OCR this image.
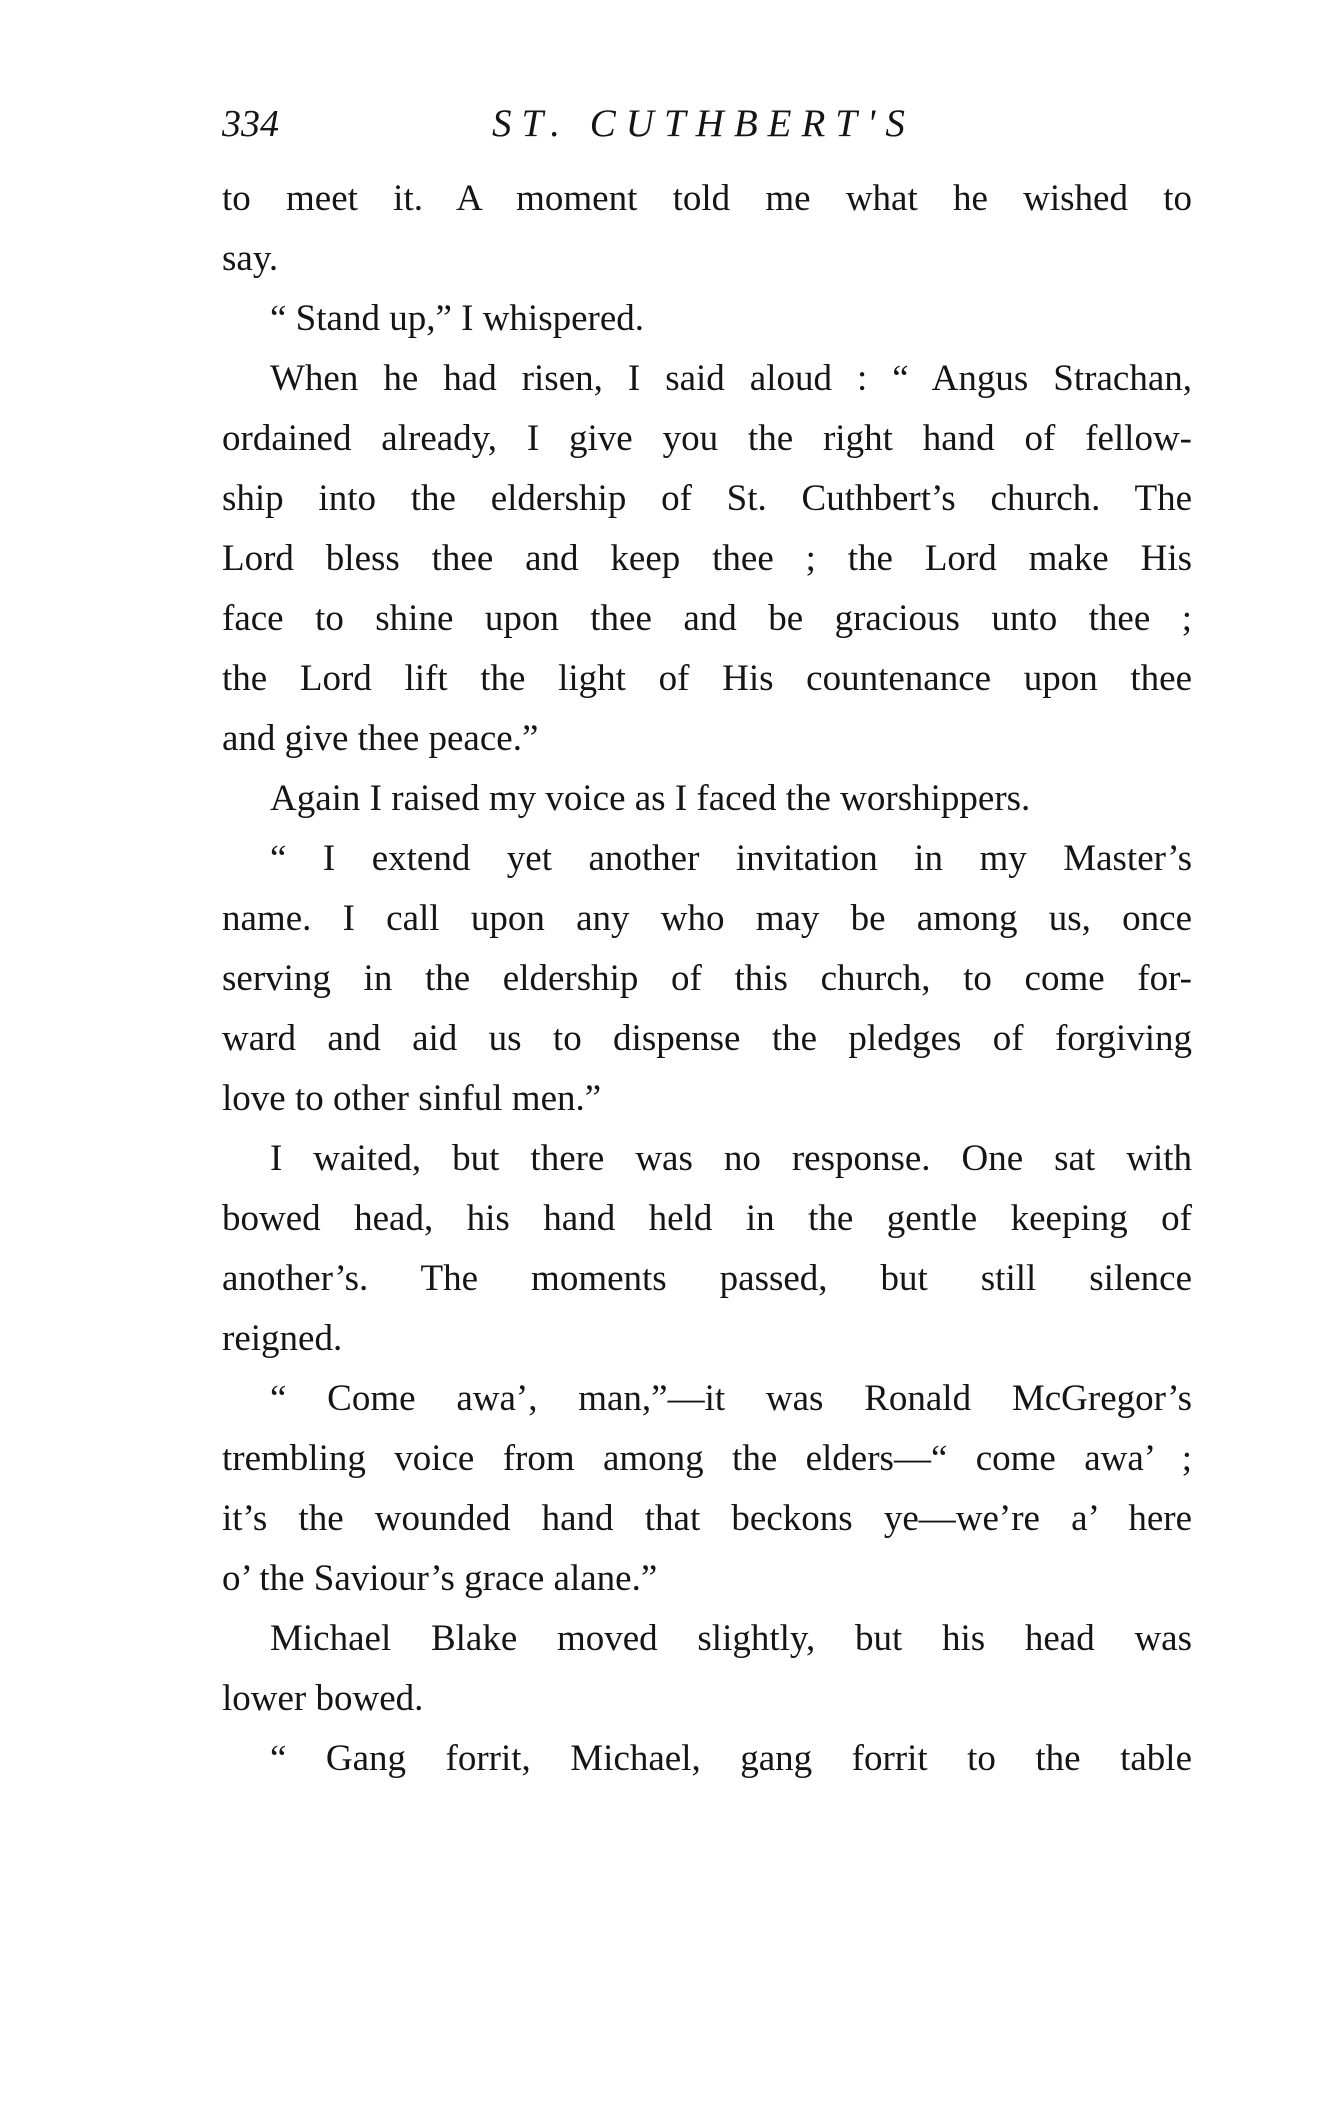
334	ST. CUTHBERT'S
to meet it. A moment told me what he wished to
say.
“ Stand up,” I whispered.
When he had risen, I said aloud : “ Angus Strachan,
ordained already, I give you the right hand of fellow-
ship into the eldership of St. Cuthbert’s church. The
Lord bless thee and keep thee ; the Lord make His
face to shine upon thee and be gracious unto thee ;
the Lord lift the light of His countenance upon thee
and give thee peace.”
Again I raised my voice as I faced the worshippers.
“ I extend yet another invitation in my Master’s
name. I call upon any who may be among us, once
serving in the eldership of this church, to come for-
ward and aid us to dispense the pledges of forgiving
love to other sinful men.”
I waited, but there was no response. One sat with
bowed head, his hand held in the gentle keeping of
another’s. The moments passed, but still silence
reigned.
“ Come awa’, man,”—it was Ronald McGregor’s
trembling voice from among the elders—“ come awa’ ;
it’s the wounded hand that beckons ye—we’re a’ here
o’ the Saviour’s grace alane.”
Michael Blake moved slightly, but his head was
lower bowed.
“ Gang forrit, Michael, gang forrit to the table
